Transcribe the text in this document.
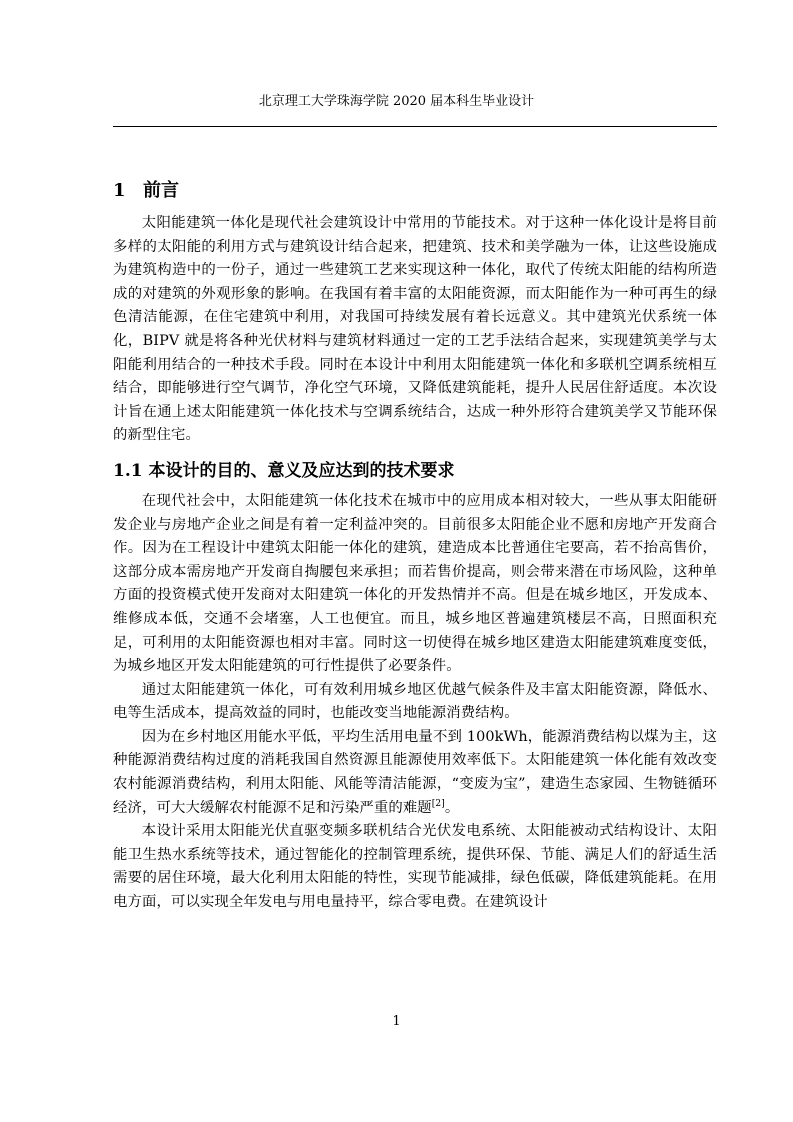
北京理工大学珠海学院 2020 届本科生毕业设计
1 前言

太阳能建筑一体化是现代社会建筑设计中常用的节能技术。对于这种一体化设计是将目前多样的太阳能的利用方式与建筑设计结合起来，把建筑、技术和美学融为一体，让这些设施成为建筑构造中的一份子，通过一些建筑工艺来实现这种一体化，取代了传统太阳能的结构所造成的对建筑的外观形象的影响。在我国有着丰富的太阳能资源，而太阳能作为一种可再生的绿色清洁能源，在住宅建筑中利用，对我国可持续发展有着长远意义。其中建筑光伏系统一体化，BIPV 就是将各种光伏材料与建筑材料通过一定的工艺手法结合起来，实现建筑美学与太阳能利用结合的一种技术手段。同时在本设计中利用太阳能建筑一体化和多联机空调系统相互结合，即能够进行空气调节，净化空气环境，又降低建筑能耗，提升人民居住舒适度。本次设计旨在通上述太阳能建筑一体化技术与空调系统结合，达成一种外形符合建筑美学又节能环保的新型住宅。

1.1 本设计的目的、意义及应达到的技术要求

在现代社会中，太阳能建筑一体化技术在城市中的应用成本相对较大，一些从事太阳能研发企业与房地产企业之间是有着一定利益冲突的。目前很多太阳能企业不愿和房地产开发商合作。因为在工程设计中建筑太阳能一体化的建筑，建造成本比普通住宅要高，若不抬高售价，这部分成本需房地产开发商自掏腰包来承担；而若售价提高，则会带来潜在市场风险，这种单方面的投资模式使开发商对太阳建筑一体化的开发热情并不高。但是在城乡地区，开发成本、维修成本低，交通不会堵塞，人工也便宜。而且，城乡地区普遍建筑楼层不高，日照面积充足，可利用的太阳能资源也相对丰富。同时这一切使得在城乡地区建造太阳能建筑难度变低，为城乡地区开发太阳能建筑的可行性提供了必要条件。

通过太阳能建筑一体化，可有效利用城乡地区优越气候条件及丰富太阳能资源，降低水、电等生活成本，提高效益的同时，也能改变当地能源消费结构。

因为在乡村地区用能水平低，平均生活用电量不到 100kWh，能源消费结构以煤为主，这种能源消费结构过度的消耗我国自然资源且能源使用效率低下。太阳能建筑一体化能有效改变农村能源消费结构，利用太阳能、风能等清洁能源，“变废为宝”，建造生态家园、生物链循环经济，可大大缓解农村能源不足和污染严重的难题[2]。

本设计采用太阳能光伏直驱变频多联机结合光伏发电系统、太阳能被动式结构设计、太阳能卫生热水系统等技术，通过智能化的控制管理系统，提供环保、节能、满足人们的舒适生活需要的居住环境，最大化利用太阳能的特性，实现节能减排，绿色低碳，降低建筑能耗。在用电方面，可以实现全年发电与用电量持平，综合零电费。在建筑设计

1
